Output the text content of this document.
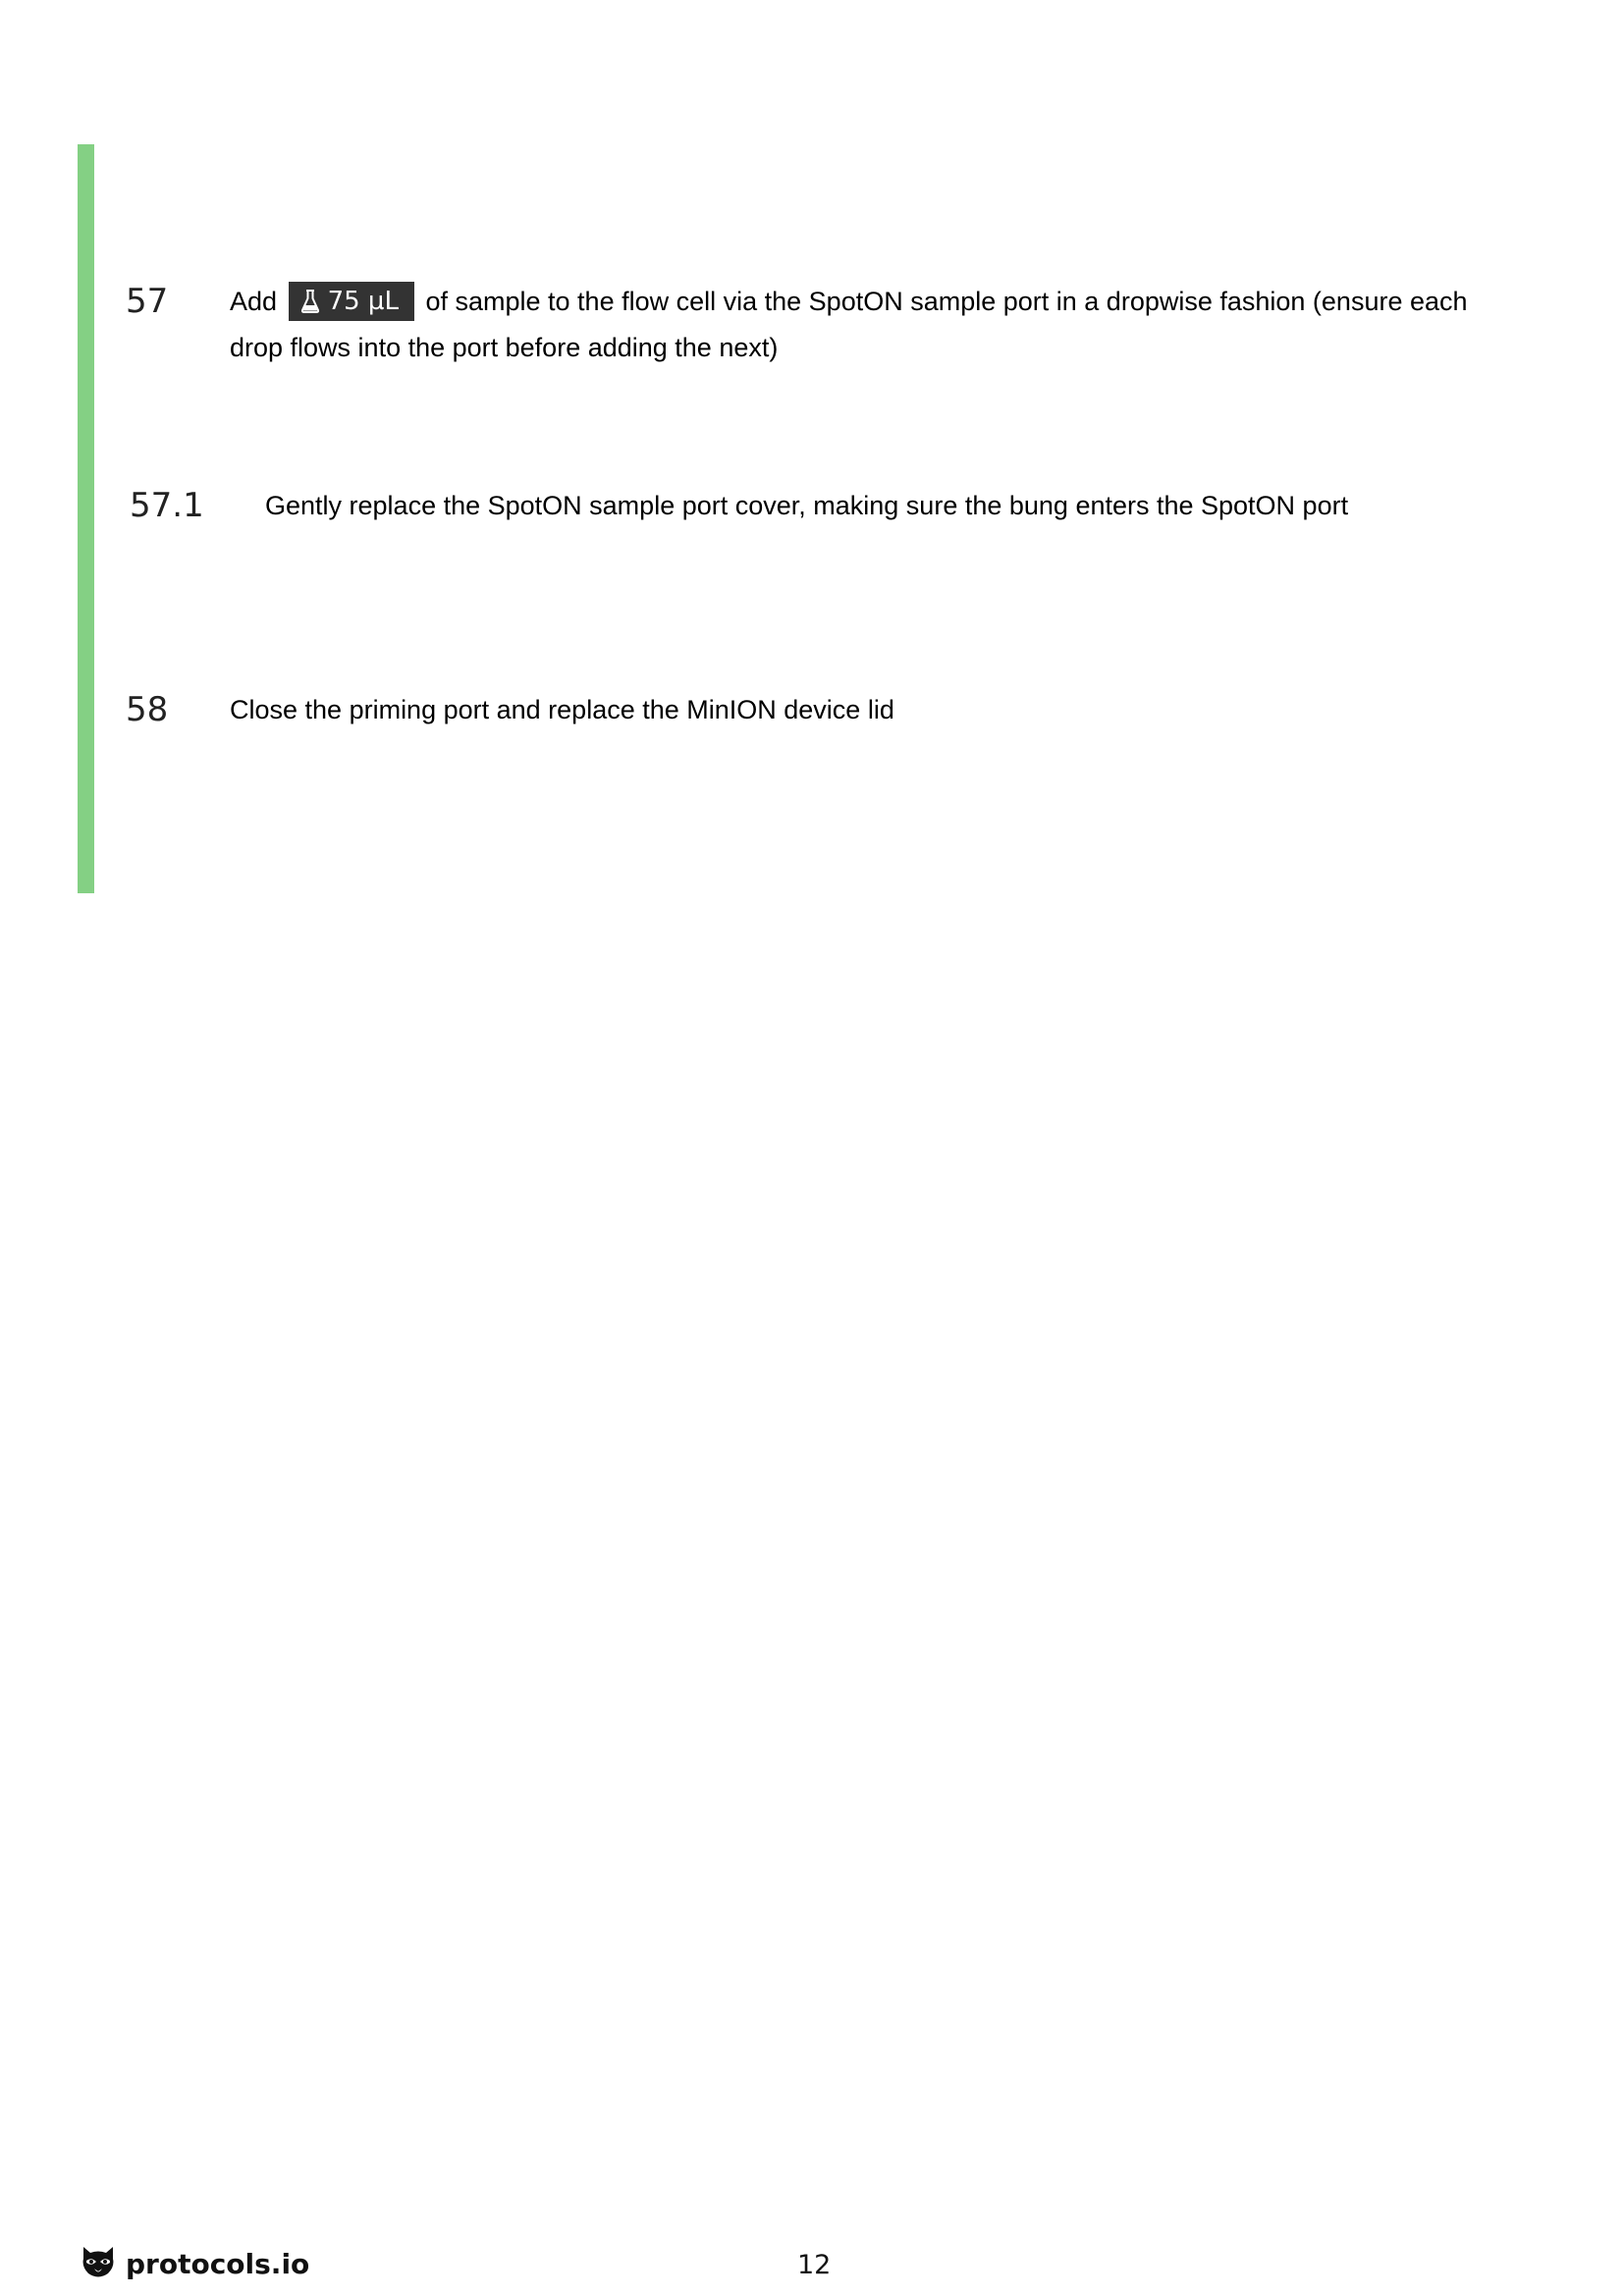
57 Add 75 µL of sample to the flow cell via the SpotON sample port in a dropwise fashion (ensure each drop flows into the port before adding the next)
57.1 Gently replace the SpotON sample port cover, making sure the bung enters the SpotON port
58 Close the priming port and replace the MinION device lid
protocols.io	12
